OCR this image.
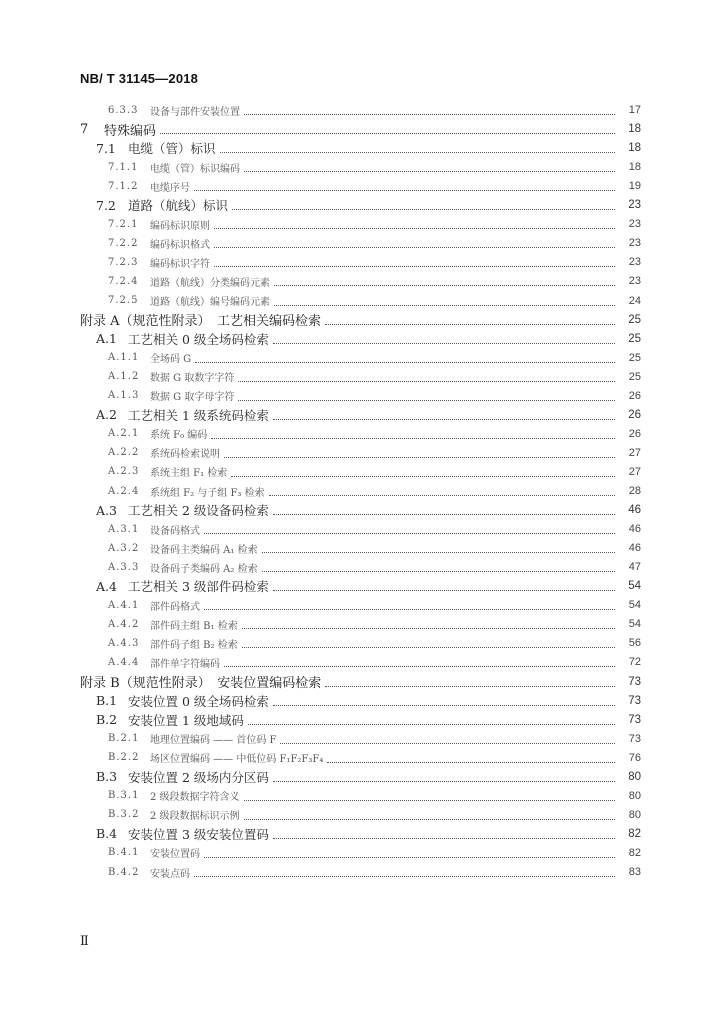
NB/ T 31145—2018
6.3.3	设备与部件安装位置	17
7	特殊编码	18
7.1 电缆（管）标识	18
7.1.1	电缆（管）标识编码	18
7.1.2	电缆序号	19
7.2 道路（航线）标识	23
7.2.1	编码标识原则	23
7.2.2	编码标识格式	23
7.2.3	编码标识字符	23
7.2.4	道路（航线）分类编码元素	23
7.2.5	道路（航线）编号编码元素	24
附录 A （规范性附录）　工艺相关编码检索	25
A.1 工艺相关 0 级全场码检索	25
A.1.1	全场码 G	25
A.1.2	数据 G 取数字字符	25
A.1.3	数据 G 取字母字符	26
A.2 工艺相关 1 级系统码检索	26
A.2.1	系统 F₀ 编码	26
A.2.2	系统码检索说明	27
A.2.3	系统主组 F₁ 检索	27
A.2.4	系统组 F₂ 与子组 F₃ 检索	28
A.3 工艺相关 2 级设备码检索	46
A.3.1	设备码格式	46
A.3.2	设备码主类编码 A₁ 检索	46
A.3.3	设备码子类编码 A₂ 检索	47
A.4 工艺相关 3 级部件码检索	54
A.4.1	部件码格式	54
A.4.2	部件码主组 B₁ 检索	54
A.4.3	部件码子组 B₂ 检索	56
A.4.4	部件单字符编码	72
附录 B （规范性附录）　安装位置编码检索	73
B.1 安装位置 0 级全场码检索	73
B.2 安装位置 1 级地域码	73
B.2.1	地理位置编码 —— 首位码 F	73
B.2.2	场区位置编码 —— 中低位码 F₁F₂F₃F₄	76
B.3 安装位置 2 级场内分区码	80
B.3.1	2 级段数据字符含义	80
B.3.2	2 级段数据标识示例	80
B.4 安装位置 3 级安装位置码	82
B.4.1	安装位置码	82
B.4.2	安装点码	83
Ⅱ
